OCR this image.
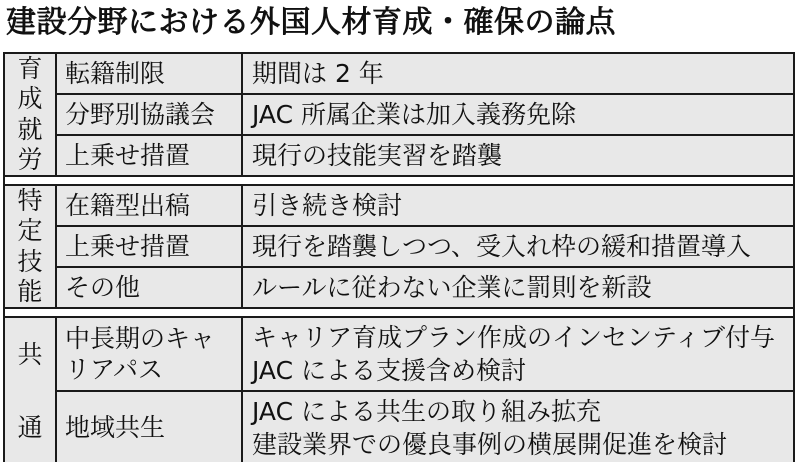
建設分野における外国人材育成・確保の論点
育
成
就
労
転籍制限	期間は 2 年
分野別協議会 JAC 所属企業は加入義務免除
上乗せ措置 現行の技能実習を踏襲
特
定
技
能
在籍型出稿 引き続き検討
上乗せ措置 現行を踏襲しつつ、受入れ枠の緩和措置導入
その他	ルールに従わない企業に罰則を新設
共
通
中長期のキャリアパス
キャリア育成プラン作成のインセンティブ付与
JAC による支援含め検討
地域共生
JAC による共生の取り組み拡充
建設業界での優良事例の横展開促進を検討
